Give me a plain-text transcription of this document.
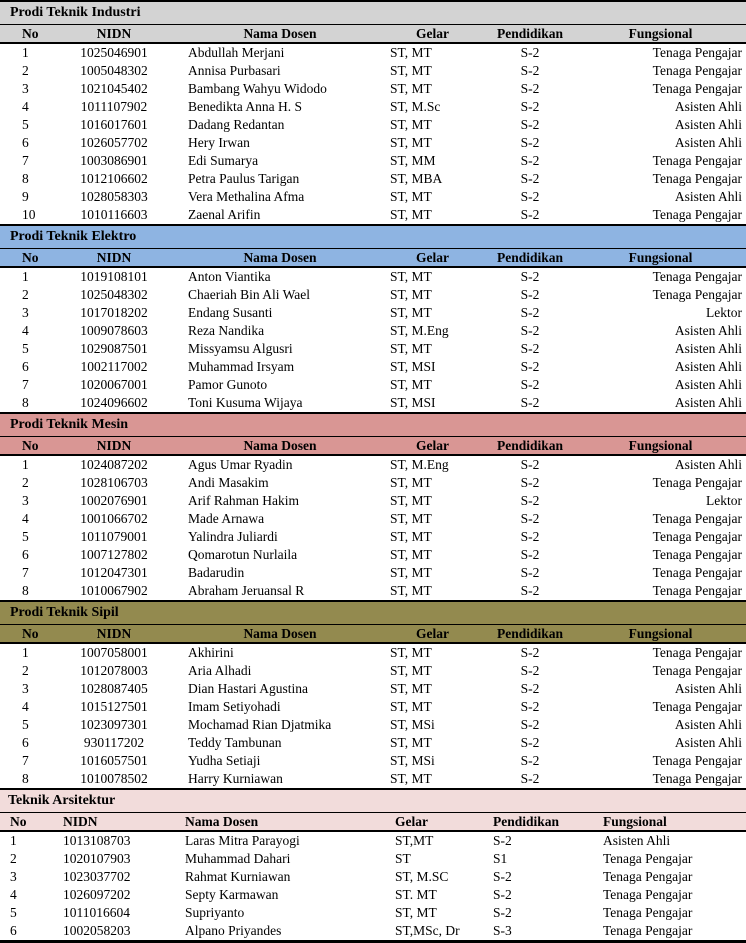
Prodi Teknik Industri					
No	NIDN	Nama Dosen	Gelar	Pendidikan	Fungsional
1	1025046901	Abdullah Merjani	ST, MT	S-2	Tenaga Pengajar
2	1005048302	Annisa Purbasari	ST, MT	S-2	Tenaga Pengajar
3	1021045402	Bambang Wahyu Widodo	ST, MT	S-2	Tenaga Pengajar
4	1011107902	Benedikta Anna H. S	ST, M.Sc	S-2	Asisten Ahli
5	1016017601	Dadang Redantan	ST, MT	S-2	Asisten Ahli
6	1026057702	Hery Irwan	ST, MT	S-2	Asisten Ahli
7	1003086901	Edi Sumarya	ST, MM	S-2	Tenaga Pengajar
8	1012106602	Petra Paulus Tarigan	ST, MBA	S-2	Tenaga Pengajar
9	1028058303	Vera Methalina Afma	ST, MT	S-2	Asisten Ahli
10	1010116603	Zaenal Arifin	ST, MT	S-2	Tenaga Pengajar
Prodi Teknik Elektro					
No	NIDN	Nama Dosen	Gelar	Pendidikan	Fungsional
1	1019108101	Anton Viantika	ST, MT	S-2	Tenaga Pengajar
2	1025048302	Chaeriah Bin Ali Wael	ST, MT	S-2	Tenaga Pengajar
3	1017018202	Endang Susanti	ST, MT	S-2	Lektor
4	1009078603	Reza Nandika	ST, M.Eng	S-2	Asisten Ahli
5	1029087501	Missyamsu Algusri	ST, MT	S-2	Asisten Ahli
6	1002117002	Muhammad Irsyam	ST, MSI	S-2	Asisten Ahli
7	1020067001	Pamor Gunoto	ST, MT	S-2	Asisten Ahli
8	1024096602	Toni Kusuma Wijaya	ST, MSI	S-2	Asisten Ahli
Prodi Teknik Mesin					
No	NIDN	Nama Dosen	Gelar	Pendidikan	Fungsional
1	1024087202	Agus Umar Ryadin	ST, M.Eng	S-2	Asisten Ahli
2	1028106703	Andi Masakim	ST, MT	S-2	Tenaga Pengajar
3	1002076901	Arif Rahman Hakim	ST, MT	S-2	Lektor
4	1001066702	Made Arnawa	ST, MT	S-2	Tenaga Pengajar
5	1011079001	Yalindra Juliardi	ST, MT	S-2	Tenaga Pengajar
6	1007127802	Qomarotun Nurlaila	ST, MT	S-2	Tenaga Pengajar
7	1012047301	Badarudin	ST, MT	S-2	Tenaga Pengajar
8	1010067902	Abraham Jeruansal R	ST, MT	S-2	Tenaga Pengajar
Prodi Teknik Sipil					
No	NIDN	Nama Dosen	Gelar	Pendidikan	Fungsional
1	1007058001	Akhirini	ST, MT	S-2	Tenaga Pengajar
2	1012078003	Aria Alhadi	ST, MT	S-2	Tenaga Pengajar
3	1028087405	Dian Hastari Agustina	ST, MT	S-2	Asisten Ahli
4	1015127501	Imam Setiyohadi	ST, MT	S-2	Tenaga Pengajar
5	1023097301	Mochamad Rian Djatmika	ST, MSi	S-2	Asisten Ahli
6	930117202	Teddy Tambunan	ST, MT	S-2	Asisten Ahli
7	1016057501	Yudha Setiaji	ST, MSi	S-2	Tenaga Pengajar
8	1010078502	Harry Kurniawan	ST, MT	S-2	Tenaga Pengajar
Teknik Arsitektur					
No	NIDN	Nama Dosen	Gelar	Pendidikan	Fungsional
1	1013108703	Laras Mitra Parayogi	ST,MT	S-2	Asisten Ahli
2	1020107903	Muhammad Dahari	ST	S1	Tenaga Pengajar
3	1023037702	Rahmat Kurniawan	ST, M.SC	S-2	Tenaga Pengajar
4	1026097202	Septy Karmawan	ST. MT	S-2	Tenaga Pengajar
5	1011016604	Supriyanto	ST, MT	S-2	Tenaga Pengajar
6	1002058203	Alpano Priyandes	ST,MSc, Dr	S-3	Tenaga Pengajar
